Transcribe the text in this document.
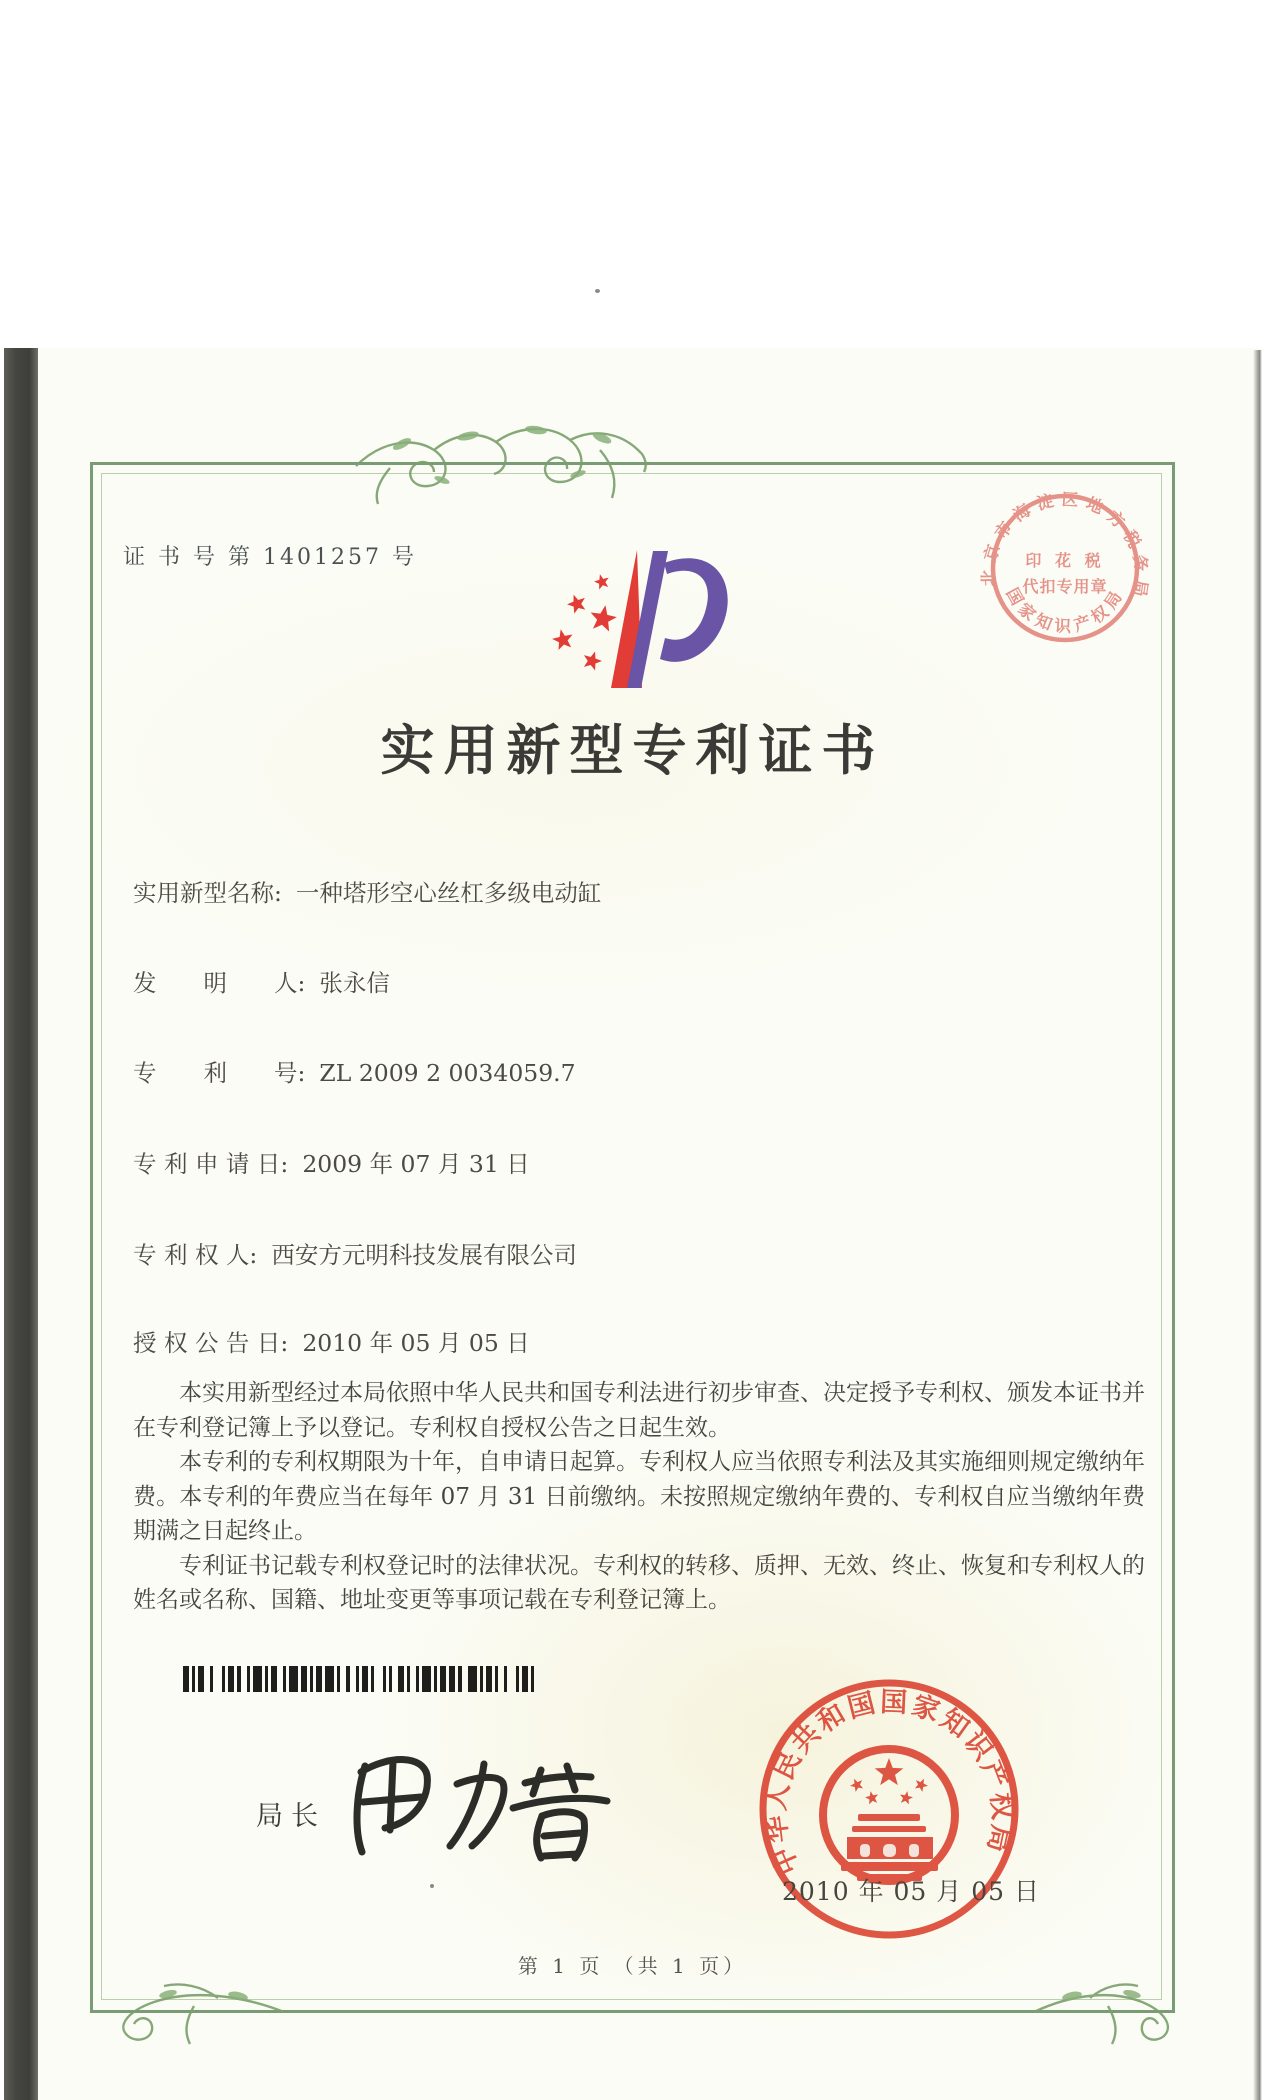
证 书 号 第 1401257 号
实用新型专利证书
北京市海淀区地方税务局
国家知识产权局
印 花 税
代扣专用章
实用新型名称: 一种塔形空心丝杠多级电动缸
发　　明　　人: 张永信
专　　利　　号: ZL 2009 2 0034059.7
专 利 申 请 日: 2009 年 07 月 31 日
专 利 权 人: 西安方元明科技发展有限公司
授 权 公 告 日: 2010 年 05 月 05 日

本实用新型经过本局依照中华人民共和国专利法进行初步审查、决定授予专利权、颁发本证书并在专利登记簿上予以登记。专利权自授权公告之日起生效。

本专利的专利权期限为十年，自申请日起算。专利权人应当依照专利法及其实施细则规定缴纳年费。本专利的年费应当在每年 07 月 31 日前缴纳。未按照规定缴纳年费的、专利权自应当缴纳年费期满之日起终止。

专利证书记载专利权登记时的法律状况。专利权的转移、质押、无效、终止、恢复和专利权人的姓名或名称、国籍、地址变更等事项记载在专利登记簿上。

局长
中华人民共和国国家知识产权局
2010 年 05 月 05 日
第 1 页 （共 1 页）
